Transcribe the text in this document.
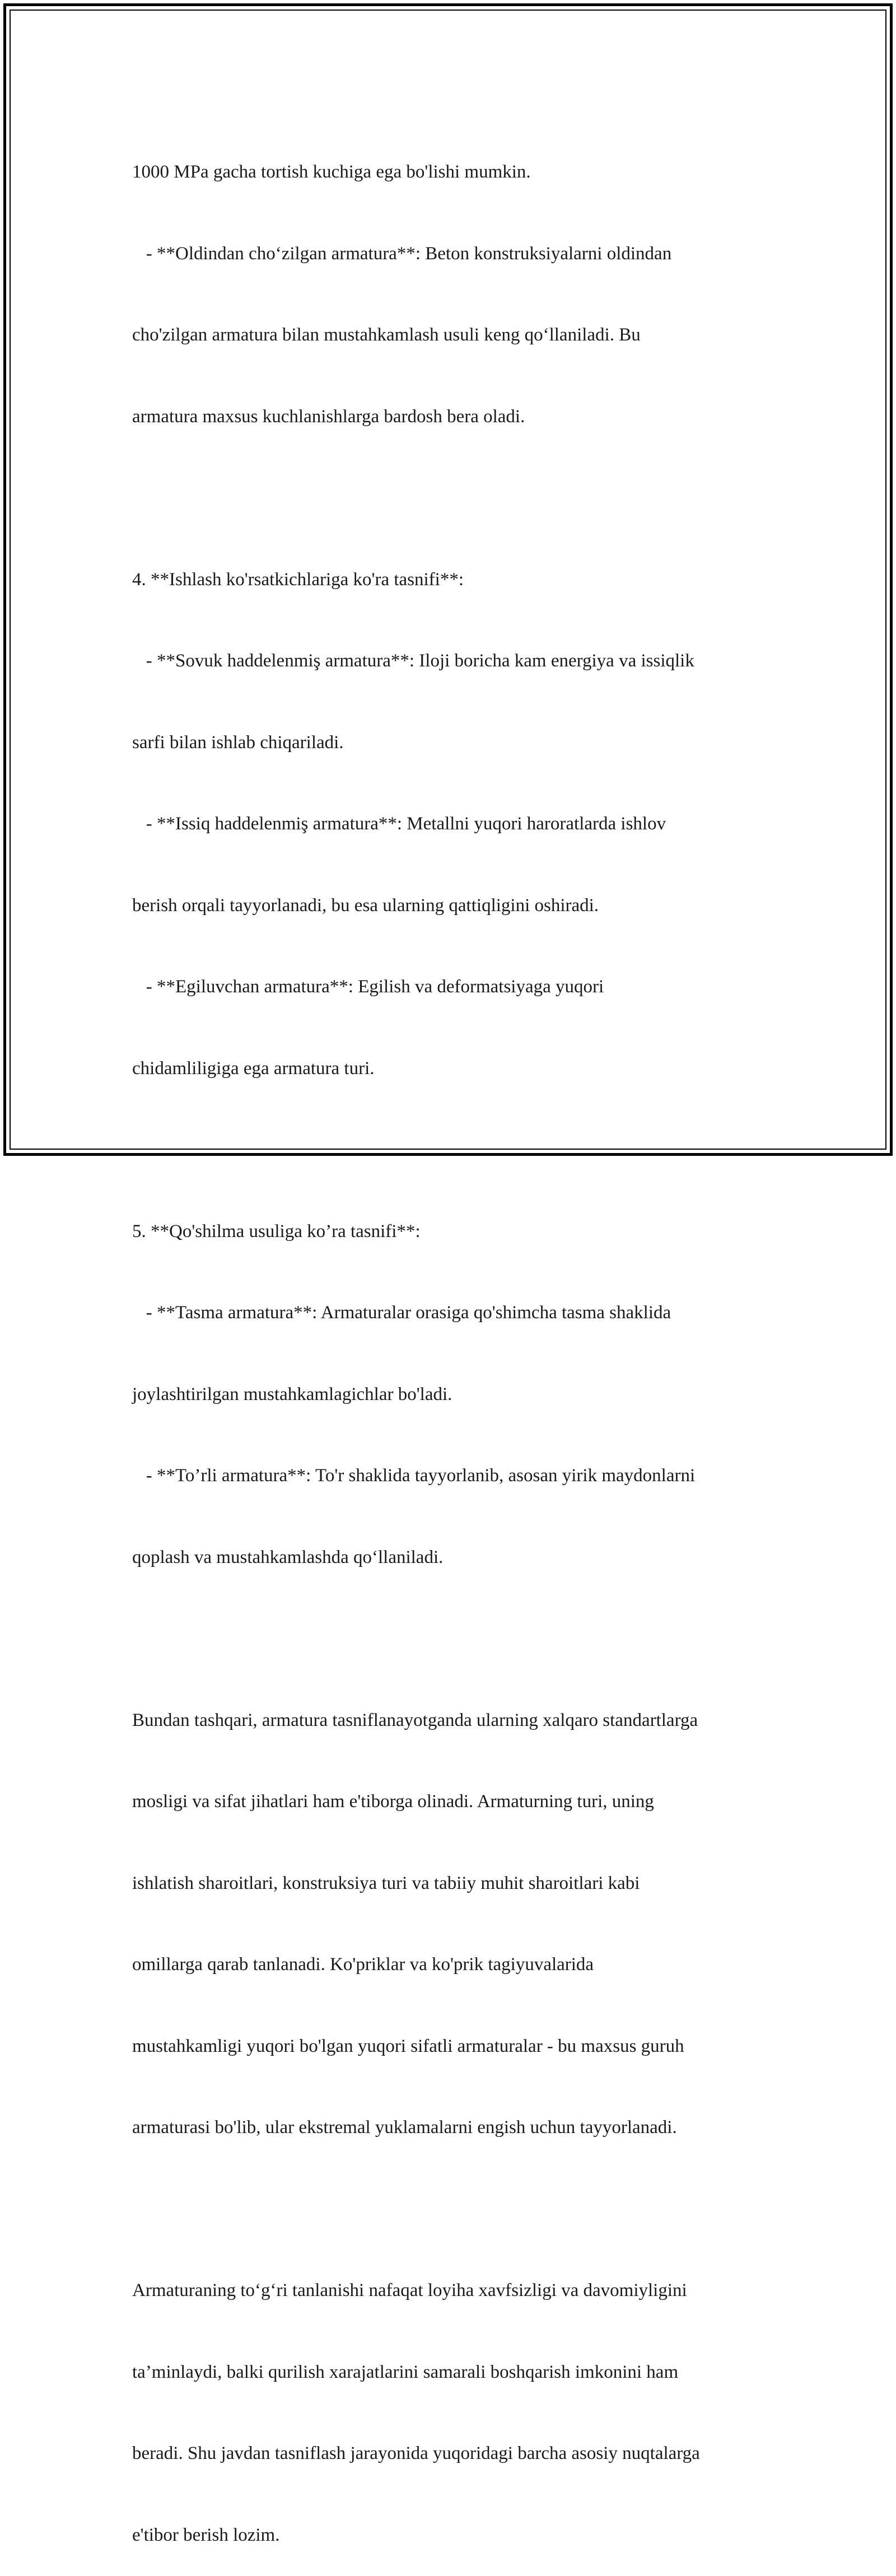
1000 MPa gacha tortish kuchiga ega bo'lishi mumkin.

- **Oldindan cho‘zilgan armatura**: Beton konstruksiyalarni oldindan

cho'zilgan armatura bilan mustahkamlash usuli keng qo‘llaniladi. Bu

armatura maxsus kuchlanishlarga bardosh bera oladi.

4. **Ishlash ko'rsatkichlariga ko'ra tasnifi**:

- **Sovuk haddelenmiş armatura**: Iloji boricha kam energiya va issiqlik

sarfi bilan ishlab chiqariladi.

- **Issiq haddelenmiş armatura**: Metallni yuqori haroratlarda ishlov

berish orqali tayyorlanadi, bu esa ularning qattiqligini oshiradi.

- **Egiluvchan armatura**: Egilish va deformatsiyaga yuqori

chidamliligiga ega armatura turi.

5. **Qo'shilma usuliga ko’ra tasnifi**:

- **Tasma armatura**: Armaturalar orasiga qo'shimcha tasma shaklida

joylashtirilgan mustahkamlagichlar bo'ladi.

- **To’rli armatura**: To'r shaklida tayyorlanib, asosan yirik maydonlarni

qoplash va mustahkamlashda qo‘llaniladi.

Bundan tashqari, armatura tasniflanayotganda ularning xalqaro standartlarga

mosligi va sifat jihatlari ham e'tiborga olinadi. Armaturning turi, uning

ishlatish sharoitlari, konstruksiya turi va tabiiy muhit sharoitlari kabi

omillarga qarab tanlanadi. Ko'priklar va ko'prik tagiyuvalarida

mustahkamligi yuqori bo'lgan yuqori sifatli armaturalar - bu maxsus guruh

armaturasi bo'lib, ular ekstremal yuklamalarni engish uchun tayyorlanadi.

Armaturaning to‘g‘ri tanlanishi nafaqat loyiha xavfsizligi va davomiyligini

ta’minlaydi, balki qurilish xarajatlarini samarali boshqarish imkonini ham

beradi. Shu javdan tasniflash jarayonida yuqoridagi barcha asosiy nuqtalarga

e'tibor berish lozim.
